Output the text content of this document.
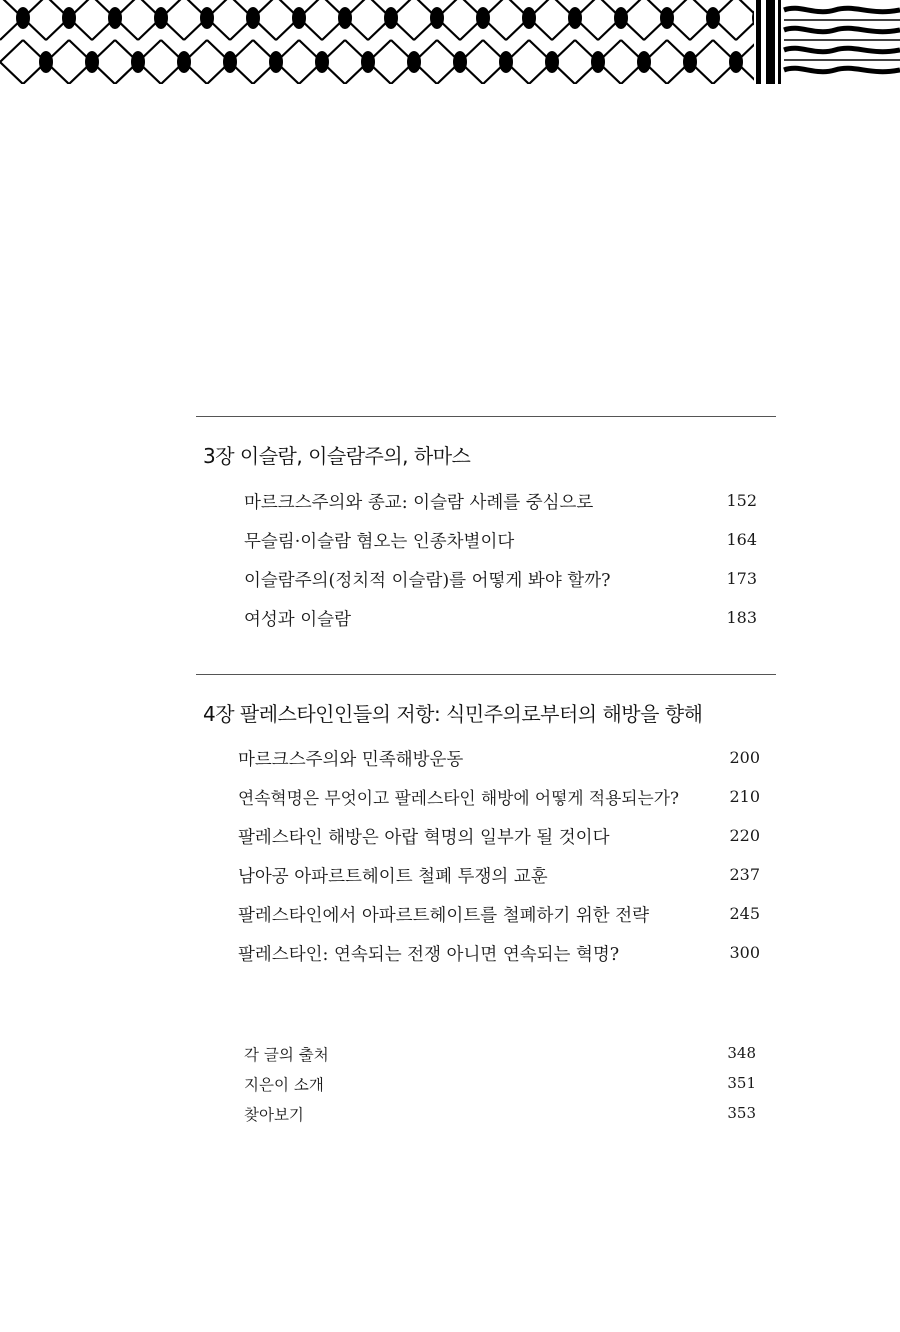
3장 이슬람, 이슬람주의, 하마스
마르크스주의와 종교: 이슬람 사례를 중심으로	152
무슬림·이슬람 혐오는 인종차별이다	164
이슬람주의(정치적 이슬람)를 어떻게 봐야 할까?	173
여성과 이슬람	183
4장 팔레스타인인들의 저항: 식민주의로부터의 해방을 향해
마르크스주의와 민족해방운동	200
연속혁명은 무엇이고 팔레스타인 해방에 어떻게 적용되는가?	210
팔레스타인 해방은 아랍 혁명의 일부가 될 것이다	220
남아공 아파르트헤이트 철폐 투쟁의 교훈	237
팔레스타인에서 아파르트헤이트를 철폐하기 위한 전략	245
팔레스타인: 연속되는 전쟁 아니면 연속되는 혁명?	300
각 글의 출처	348
지은이 소개	351
찾아보기	353
